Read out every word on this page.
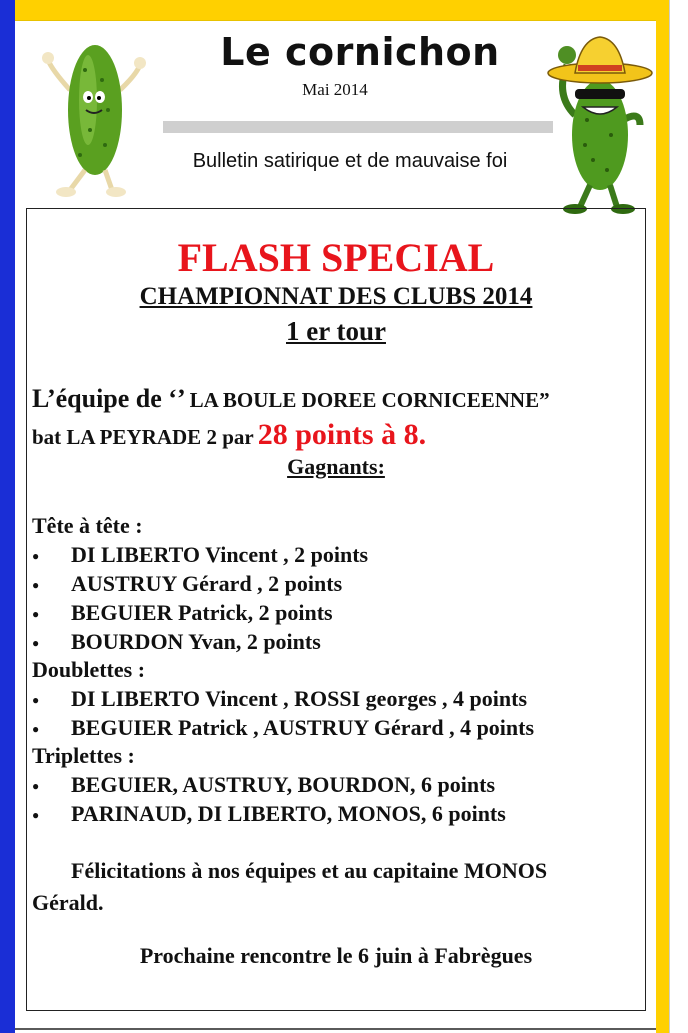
Le cornichon
Mai 2014
Bulletin satirique et de mauvaise foi
FLASH SPECIAL
CHAMPIONNAT DES CLUBS 2014
1 er tour
L’équipe de ‘’ LA BOULE DOREE CORNICEENNE”
bat LA PEYRADE 2 par 28 points à 8.
Gagnants:
Tête à tête :
● DI LIBERTO Vincent , 2 points
● AUSTRUY Gérard , 2 points
● BEGUIER Patrick, 2 points
● BOURDON Yvan, 2 points
Doublettes :
● DI LIBERTO Vincent , ROSSI georges , 4 points
● BEGUIER Patrick , AUSTRUY Gérard , 4 points
Triplettes :
● BEGUIER, AUSTRUY, BOURDON, 6 points
● PARINAUD, DI LIBERTO, MONOS, 6 points
Félicitations à nos équipes et au capitaine MONOS
Gérald.
Prochaine rencontre le 6 juin à Fabrègues
